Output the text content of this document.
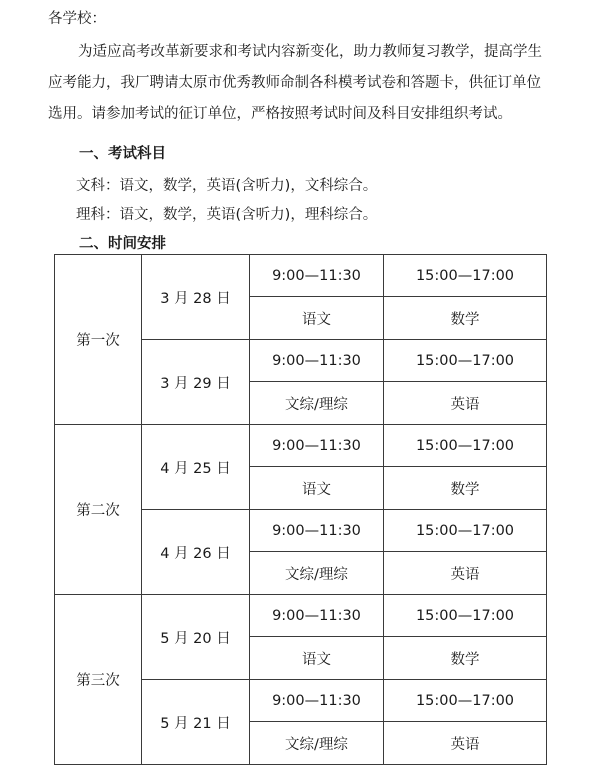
各学校：
为适应高考改革新要求和考试内容新变化，助力教师复习教学，提高学生
应考能力，我厂聘请太原市优秀教师命制各科模考试卷和答题卡，供征订单位
选用。请参加考试的征订单位，严格按照考试时间及科目安排组织考试。
一、考试科目
文科：语文，数学，英语(含听力)，文科综合。
理科：语文，数学，英语(含听力)，理科综合。
二、时间安排
第一次	3 月 28 日	9:00—11:30	15:00—17:00
		语文	数学
	3 月 29 日	9:00—11:30	15:00—17:00
		文综/理综	英语
第二次	4 月 25 日	9:00—11:30	15:00—17:00
		语文	数学
	4 月 26 日	9:00—11:30	15:00—17:00
		文综/理综	英语
第三次	5 月 20 日	9:00—11:30	15:00—17:00
		语文	数学
	5 月 21 日	9:00—11:30	15:00—17:00
		文综/理综	英语
